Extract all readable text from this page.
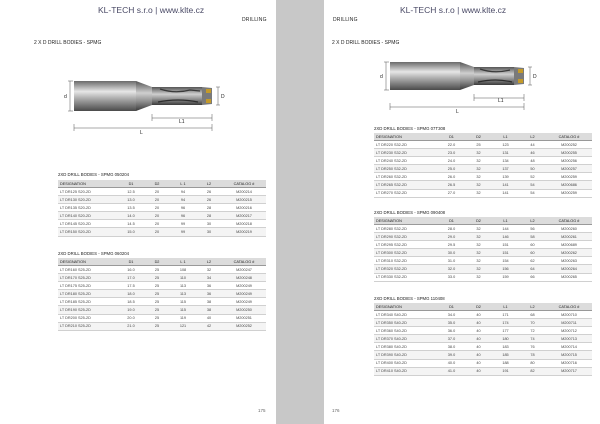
KL-TECH s.r.o | www.klte.cz
DRILLING
2 X D DRILL BODIES - SPMG
d	D
L1
L
2XD DRILL BODIES - SPMG 050204
DESIGNATION	D1	D2	L 1	L2	CATALOG #
LT DR125 S20-2D	12.5	20	94	26	M200214
LT DR130 S20-2D	13.0	20	94	26	M200215
LT DR135 S20-2D	13.5	20	96	28	M200216
LT DR140 S20-2D	14.0	20	96	28	M200217
LT DR145 S20-2D	14.5	20	99	30	M200218
LT DR150 S20-2D	15.0	20	99	30	M200219
2XD DRILL BODIES - SPMG 060204
DESIGNATION	D1	D2	L 1	L2	CATALOG #
LT DR160 S25-2D	16.0	25	108	32	M200247
LT DR170 S25-2D	17.0	25	110	34	M200248
LT DR175 S25-2D	17.5	25	113	36	M200249
LT DR180 S25-2D	18.0	25	113	36	M200249
LT DR185 S25-2D	18.5	25	115	38	M200249
LT DR190 S25-2D	19.0	25	115	38	M200250
LT DR200 S25-2D	20.0	25	119	40	M200251
LT DR210 S25-2D	21.0	25	121	42	M200252
175
KL-TECH s.r.o | www.klte.cz
DRILLING
2 X D DRILL BODIES - SPMG
d	D
L1
L
2XD DRILL BODIES - SPMG 07T308
DESIGNATION	D1	D2	L1	L2	CATALOG #
LT DR220 S32-2D	22.0	25	123	44	M200252
LT DR230 S32-2D	23.0	32	131	46	M200255
LT DR240 S32-2D	24.0	32	134	48	M200256
LT DR250 S32-2D	25.0	32	137	50	M200257
LT DR260 S32-2D	26.0	32	139	52	M200259
LT DR265 S32-2D	26.5	32	141	54	M200686
LT DR270 S32-2D	27.0	32	141	54	M200259
2XD DRILL BODIES - SPMG 090408
DESIGNATION	D1	D2	L1	L2	CATALOG #
LT DR280 S32-2D	28.0	32	144	56	M200260
LT DR290 S32-2D	29.0	32	146	58	M200261
LT DR295 S32-2D	29.5	32	151	60	M200689
LT DR300 S32-2D	30.0	32	151	60	M200262
LT DR310 S32-2D	31.0	32	154	62	M200263
LT DR320 S32-2D	32.0	32	156	64	M200264
LT DR330 S32-2D	33.0	32	159	66	M200265
2XD DRILL BODIES - SPMG 110408
DESIGNATION	D1	D2	L1	L2	CATALOG #
LT DR340 S40-2D	34.0	40	171	68	M200710
LT DR350 S40-2D	35.0	40	174	70	M200711
LT DR360 S40-2D	36.0	40	177	72	M200712
LT DR370 S40-2D	37.0	40	180	74	M200713
LT DR380 S40-2D	38.0	40	183	76	M200714
LT DR390 S40-2D	39.0	40	185	78	M200715
LT DR400 S40-2D	40.0	40	188	80	M200716
LT DR410 S40-2D	41.0	40	191	82	M200717
176
